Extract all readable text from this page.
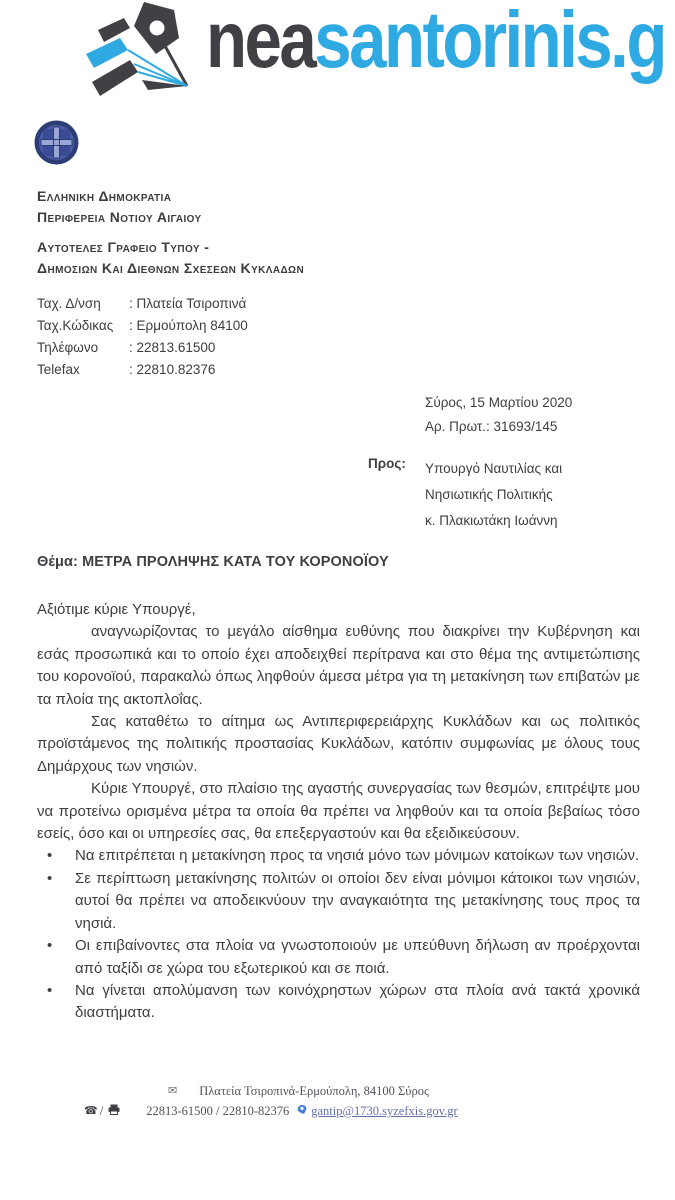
neasantorinis.g
Ελληνικη Δημοκρατια
Περιφερεια Νοτιου Αιγαιου
Αυτοτελες Γραφειο Τυπου -
Δημοσιων Και Διεθνων Σχεσεων Κυκλαδων
Ταχ. Δ/νση : Πλατεία Τσιροπινά
Ταχ.Κώδικας : Ερμούπολη 84100
Τηλέφωνο : 22813.61500
Telefax	: 22810.82376
Σύρος, 15 Μαρτίου 2020
Αρ. Πρωτ.: 31693/145
Προς: Υπουργό Ναυτιλίας και
Νησιωτικής Πολιτικής
κ. Πλακιωτάκη Ιωάννη
Θέμα: ΜΕΤΡΑ ΠΡΟΛΗΨΗΣ ΚΑΤΑ ΤΟΥ ΚΟΡΟΝΟΪΟΥ

Αξιότιμε κύριε Υπουργέ,

αναγνωρίζοντας το μεγάλο αίσθημα ευθύνης που διακρίνει την Κυβέρνηση και εσάς προσωπικά και το οποίο έχει αποδειχθεί περίτρανα και στο θέμα της αντιμετώπισης του κορονοϊού, παρακαλώ όπως ληφθούν άμεσα μέτρα για τη μετακίνηση των επιβατών με τα πλοία της ακτοπλοΐας.

Σας καταθέτω το αίτημα ως Αντιπεριφερειάρχης Κυκλάδων και ως πολιτικός προϊστάμενος της πολιτικής προστασίας Κυκλάδων, κατόπιν συμφωνίας με όλους τους Δημάρχους των νησιών.

Κύριε Υπουργέ, στο πλαίσιο της αγαστής συνεργασίας των θεσμών, επιτρέψτε μου να προτείνω ορισμένα μέτρα τα οποία θα πρέπει να ληφθούν και τα οποία βεβαίως τόσο εσείς, όσο και οι υπηρεσίες σας, θα επεξεργαστούν και θα εξειδικεύσουν.

• Να επιτρέπεται η μετακίνηση προς τα νησιά μόνο των μόνιμων κατοίκων των νησιών.
• Σε περίπτωση μετακίνησης πολιτών οι οποίοι δεν είναι μόνιμοι κάτοικοι των νησιών, αυτοί θα πρέπει να αποδεικνύουν την αναγκαιότητα της μετακίνησης τους προς τα νησιά.
• Οι επιβαίνοντες στα πλοία να γνωστοποιούν με υπεύθυνη δήλωση αν προέρχονται από ταξίδι σε χώρα του εξωτερικού και σε ποιά.
• Να γίνεται απολύμανση των κοινόχρηστων χώρων στα πλοία ανά τακτά χρονικά διαστήματα.
✉ Πλατεία Τσιροπινά-Ερμούπολη, 84100 Σύρος
☎ /	22813-61500 / 22810-82376 gantip@1730.syzefxis.gov.gr
